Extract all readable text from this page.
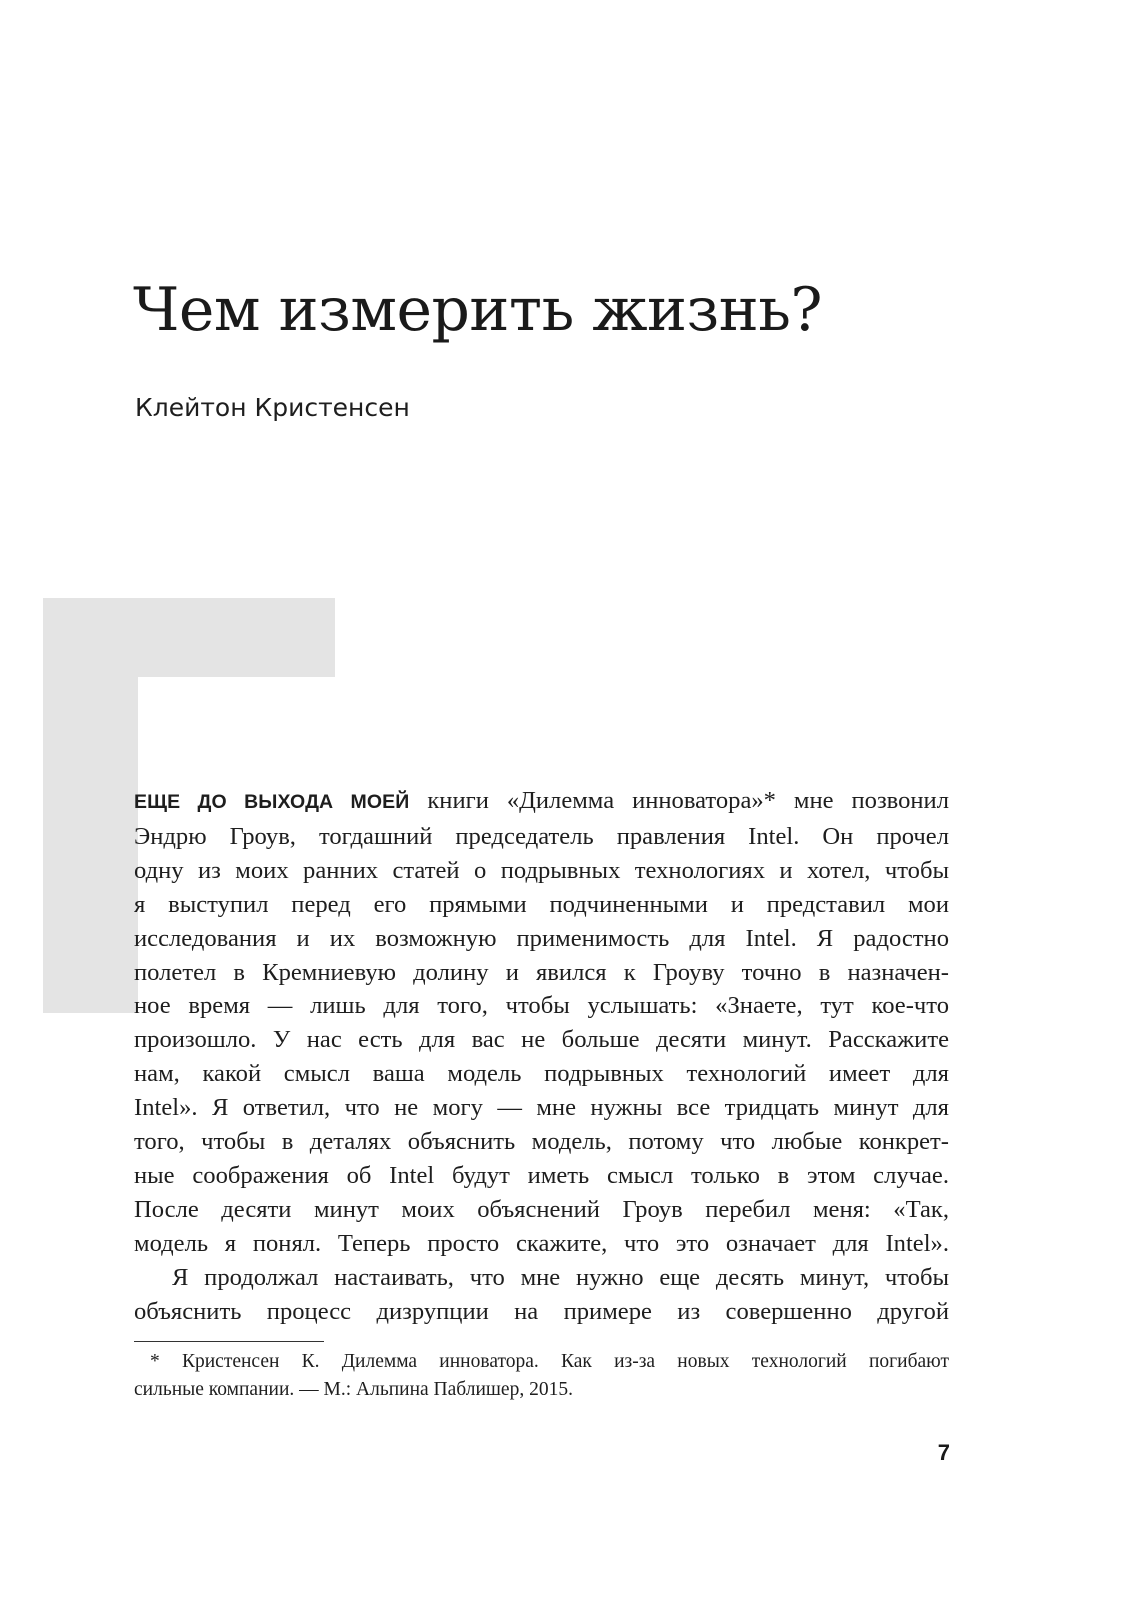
Чем измерить жизнь?
Клейтон Кристенсен

ЕЩЕ ДО ВЫХОДА МОЕЙ книги «Дилемма инноватора»* мне позвонил
Эндрю Гроув, тогдашний председатель правления Intel. Он прочел
одну из моих ранних статей о подрывных технологиях и хотел, чтобы
я выступил перед его прямыми подчиненными и представил мои
исследования и их возможную применимость для Intel. Я радостно
полетел в Кремниевую долину и явился к Гроуву точно в назначен-
ное время — лишь для того, чтобы услышать: «Знаете, тут кое-что
произошло. У нас есть для вас не больше десяти минут. Расскажите
нам, какой смысл ваша модель подрывных технологий имеет для
Intel». Я ответил, что не могу — мне нужны все тридцать минут для
того, чтобы в деталях объяснить модель, потому что любые конкрет-
ные соображения об Intel будут иметь смысл только в этом случае.
После десяти минут моих объяснений Гроув перебил меня: «Так,
модель я понял. Теперь просто скажите, что это означает для Intel».

Я продолжал настаивать, что мне нужно еще десять минут, чтобы
объяснить процесс дизрупции на примере из совершенно другой

* Кристенсен К. Дилемма инноватора. Как из-за новых технологий погибают
сильные компании. — М.: Альпина Паблишер, 2015.
7
